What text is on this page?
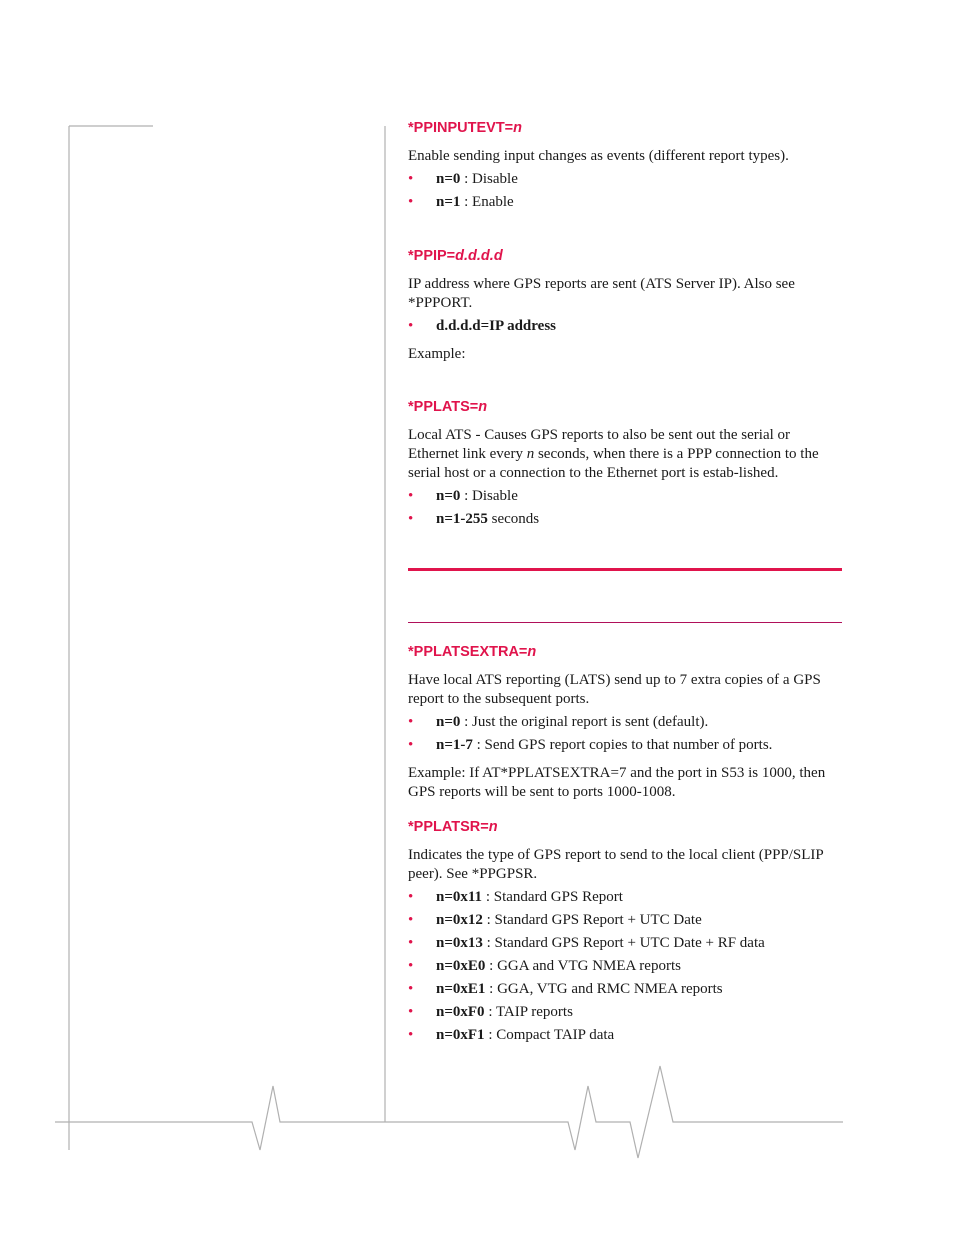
*PPINPUTEVT=n

Enable sending input changes as events (different report types).

• n=0 : Disable
• n=1 : Enable
*PPIP=d.d.d.d

IP address where GPS reports are sent (ATS Server IP). Also see *PPPORT.

• d.d.d.d=IP address

Example:

*PPLATS=n

Local ATS - Causes GPS reports to also be sent out the serial or Ethernet link every n seconds, when there is a PPP connection to the serial host or a connection to the Ethernet port is estab-lished.

• n=0 : Disable
• n=1-255 seconds
*PPLATSEXTRA=n

Have local ATS reporting (LATS) send up to 7 extra copies of a GPS report to the subsequent ports.

• n=0 : Just the original report is sent (default).
• n=1-7 : Send GPS report copies to that number of ports.

Example: If AT*PPLATSEXTRA=7 and the port in S53 is 1000, then GPS reports will be sent to ports 1000-1008.

*PPLATSR=n

Indicates the type of GPS report to send to the local client (PPP/SLIP peer). See *PPGPSR.

• n=0x11 : Standard GPS Report
• n=0x12 : Standard GPS Report + UTC Date
• n=0x13 : Standard GPS Report + UTC Date + RF data
• n=0xE0 : GGA and VTG NMEA reports
• n=0xE1 : GGA, VTG and RMC NMEA reports
• n=0xF0 : TAIP reports
• n=0xF1 : Compact TAIP data
